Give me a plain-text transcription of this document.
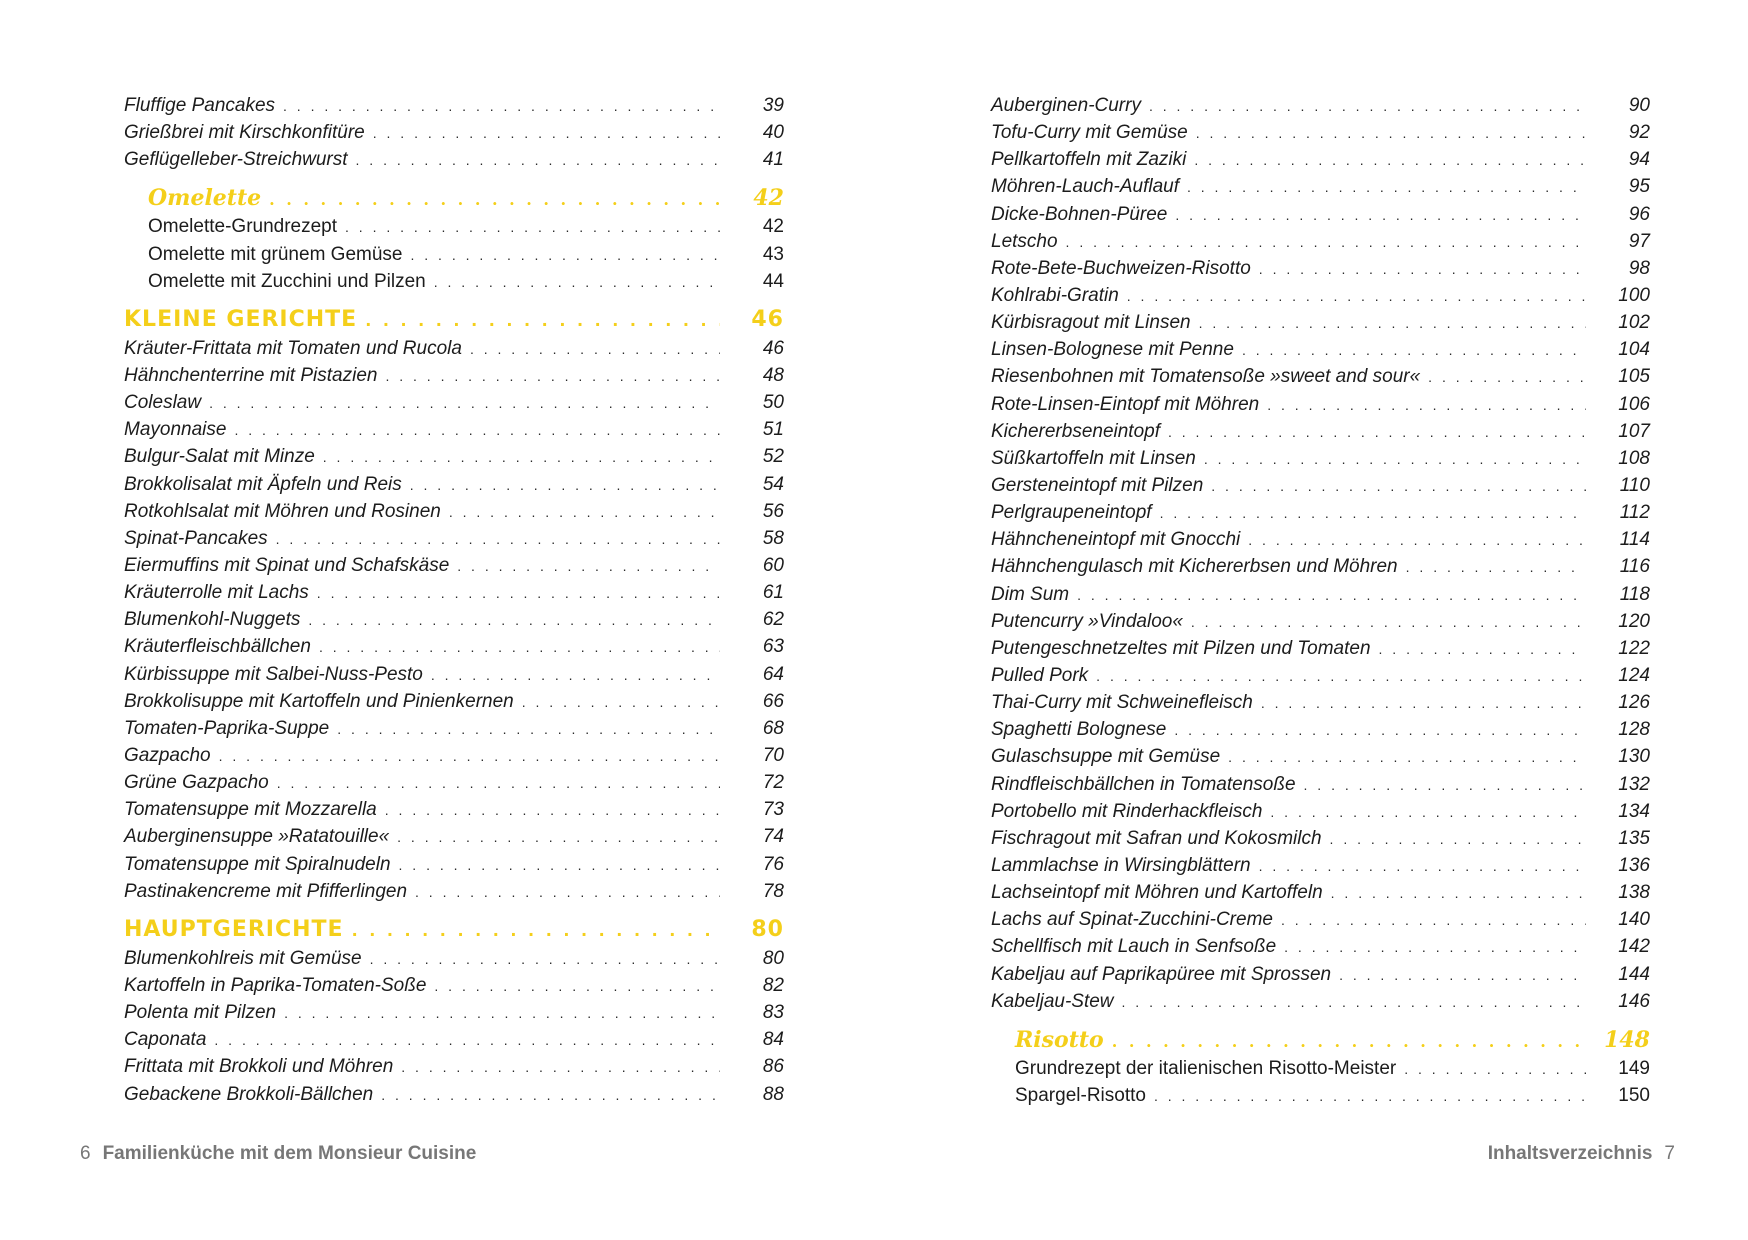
Fluffige Pancakes . . .	39
Grießbrei mit Kirschkonfitüre . . .	40
Geflügelleber-Streichwurst . . .	41
Omelette . . .	42
Omelette-Grundrezept . . .	42
Omelette mit grünem Gemüse . . .	43
Omelette mit Zucchini und Pilzen . . .	44
KLEINE GERICHTE . . .	46
Kräuter-Frittata mit Tomaten und Rucola . . .	46
Hähnchenterrine mit Pistazien . . .	48
Coleslaw . . .	50
Mayonnaise . . .	51
Bulgur-Salat mit Minze . . .	52
Brokkolisalat mit Äpfeln und Reis . . .	54
Rotkohlsalat mit Möhren und Rosinen . . .	56
Spinat-Pancakes . . .	58
Eiermuffins mit Spinat und Schafskäse . . .	60
Kräuterrolle mit Lachs . . .	61
Blumenkohl-Nuggets . . .	62
Kräuterfleischbällchen . . .	63
Kürbissuppe mit Salbei-Nuss-Pesto . . .	64
Brokkolisuppe mit Kartoffeln und Pinienkernen . . .	66
Tomaten-Paprika-Suppe . . .	68
Gazpacho . . .	70
Grüne Gazpacho . . .	72
Tomatensuppe mit Mozzarella . . .	73
Auberginensuppe »Ratatouille« . . .	74
Tomatensuppe mit Spiralnudeln . . .	76
Pastinakencreme mit Pfifferlingen . . .	78
HAUPTGERICHTE . . .	80
Blumenkohlreis mit Gemüse . . .	80
Kartoffeln in Paprika-Tomaten-Soße . . .	82
Polenta mit Pilzen . . .	83
Caponata . . .	84
Frittata mit Brokkoli und Möhren . . .	86
Gebackene Brokkoli-Bällchen . . .	88
Auberginen-Curry . . .	90
Tofu-Curry mit Gemüse . . .	92
Pellkartoffeln mit Zaziki . . .	94
Möhren-Lauch-Auflauf . . .	95
Dicke-Bohnen-Püree . . .	96
Letscho . . .	97
Rote-Bete-Buchweizen-Risotto . . .	98
Kohlrabi-Gratin . . .	100
Kürbisragout mit Linsen . . .	102
Linsen-Bolognese mit Penne . . .	104
Riesenbohnen mit Tomatensoße »sweet and sour« . . .	105
Rote-Linsen-Eintopf mit Möhren . . .	106
Kichererbseneintopf . . .	107
Süßkartoffeln mit Linsen . . .	108
Gersteneintopf mit Pilzen . . .	110
Perlgraupeneintopf . . .	112
Hähncheneintopf mit Gnocchi . . .	114
Hähnchengulasch mit Kichererbsen und Möhren . . .	116
Dim Sum . . .	118
Putencurry »Vindaloo« . . .	120
Putengeschnetzeltes mit Pilzen und Tomaten . . .	122
Pulled Pork . . .	124
Thai-Curry mit Schweinefleisch . . .	126
Spaghetti Bolognese . . .	128
Gulaschsuppe mit Gemüse . . .	130
Rindfleischbällchen in Tomatensoße . . .	132
Portobello mit Rinderhackfleisch . . .	134
Fischragout mit Safran und Kokosmilch . . .	135
Lammlachse in Wirsingblättern . . .	136
Lachseintopf mit Möhren und Kartoffeln . . .	138
Lachs auf Spinat-Zucchini-Creme . . .	140
Schellfisch mit Lauch in Senfsoße . . .	142
Kabeljau auf Paprikapüree mit Sprossen . . .	144
Kabeljau-Stew . . .	146
Risotto . . .	148
Grundrezept der italienischen Risotto-Meister . . .	149
Spargel-Risotto . . .	150
6 Familienküche mit dem Monsieur Cuisine	Inhaltsverzeichnis 7
